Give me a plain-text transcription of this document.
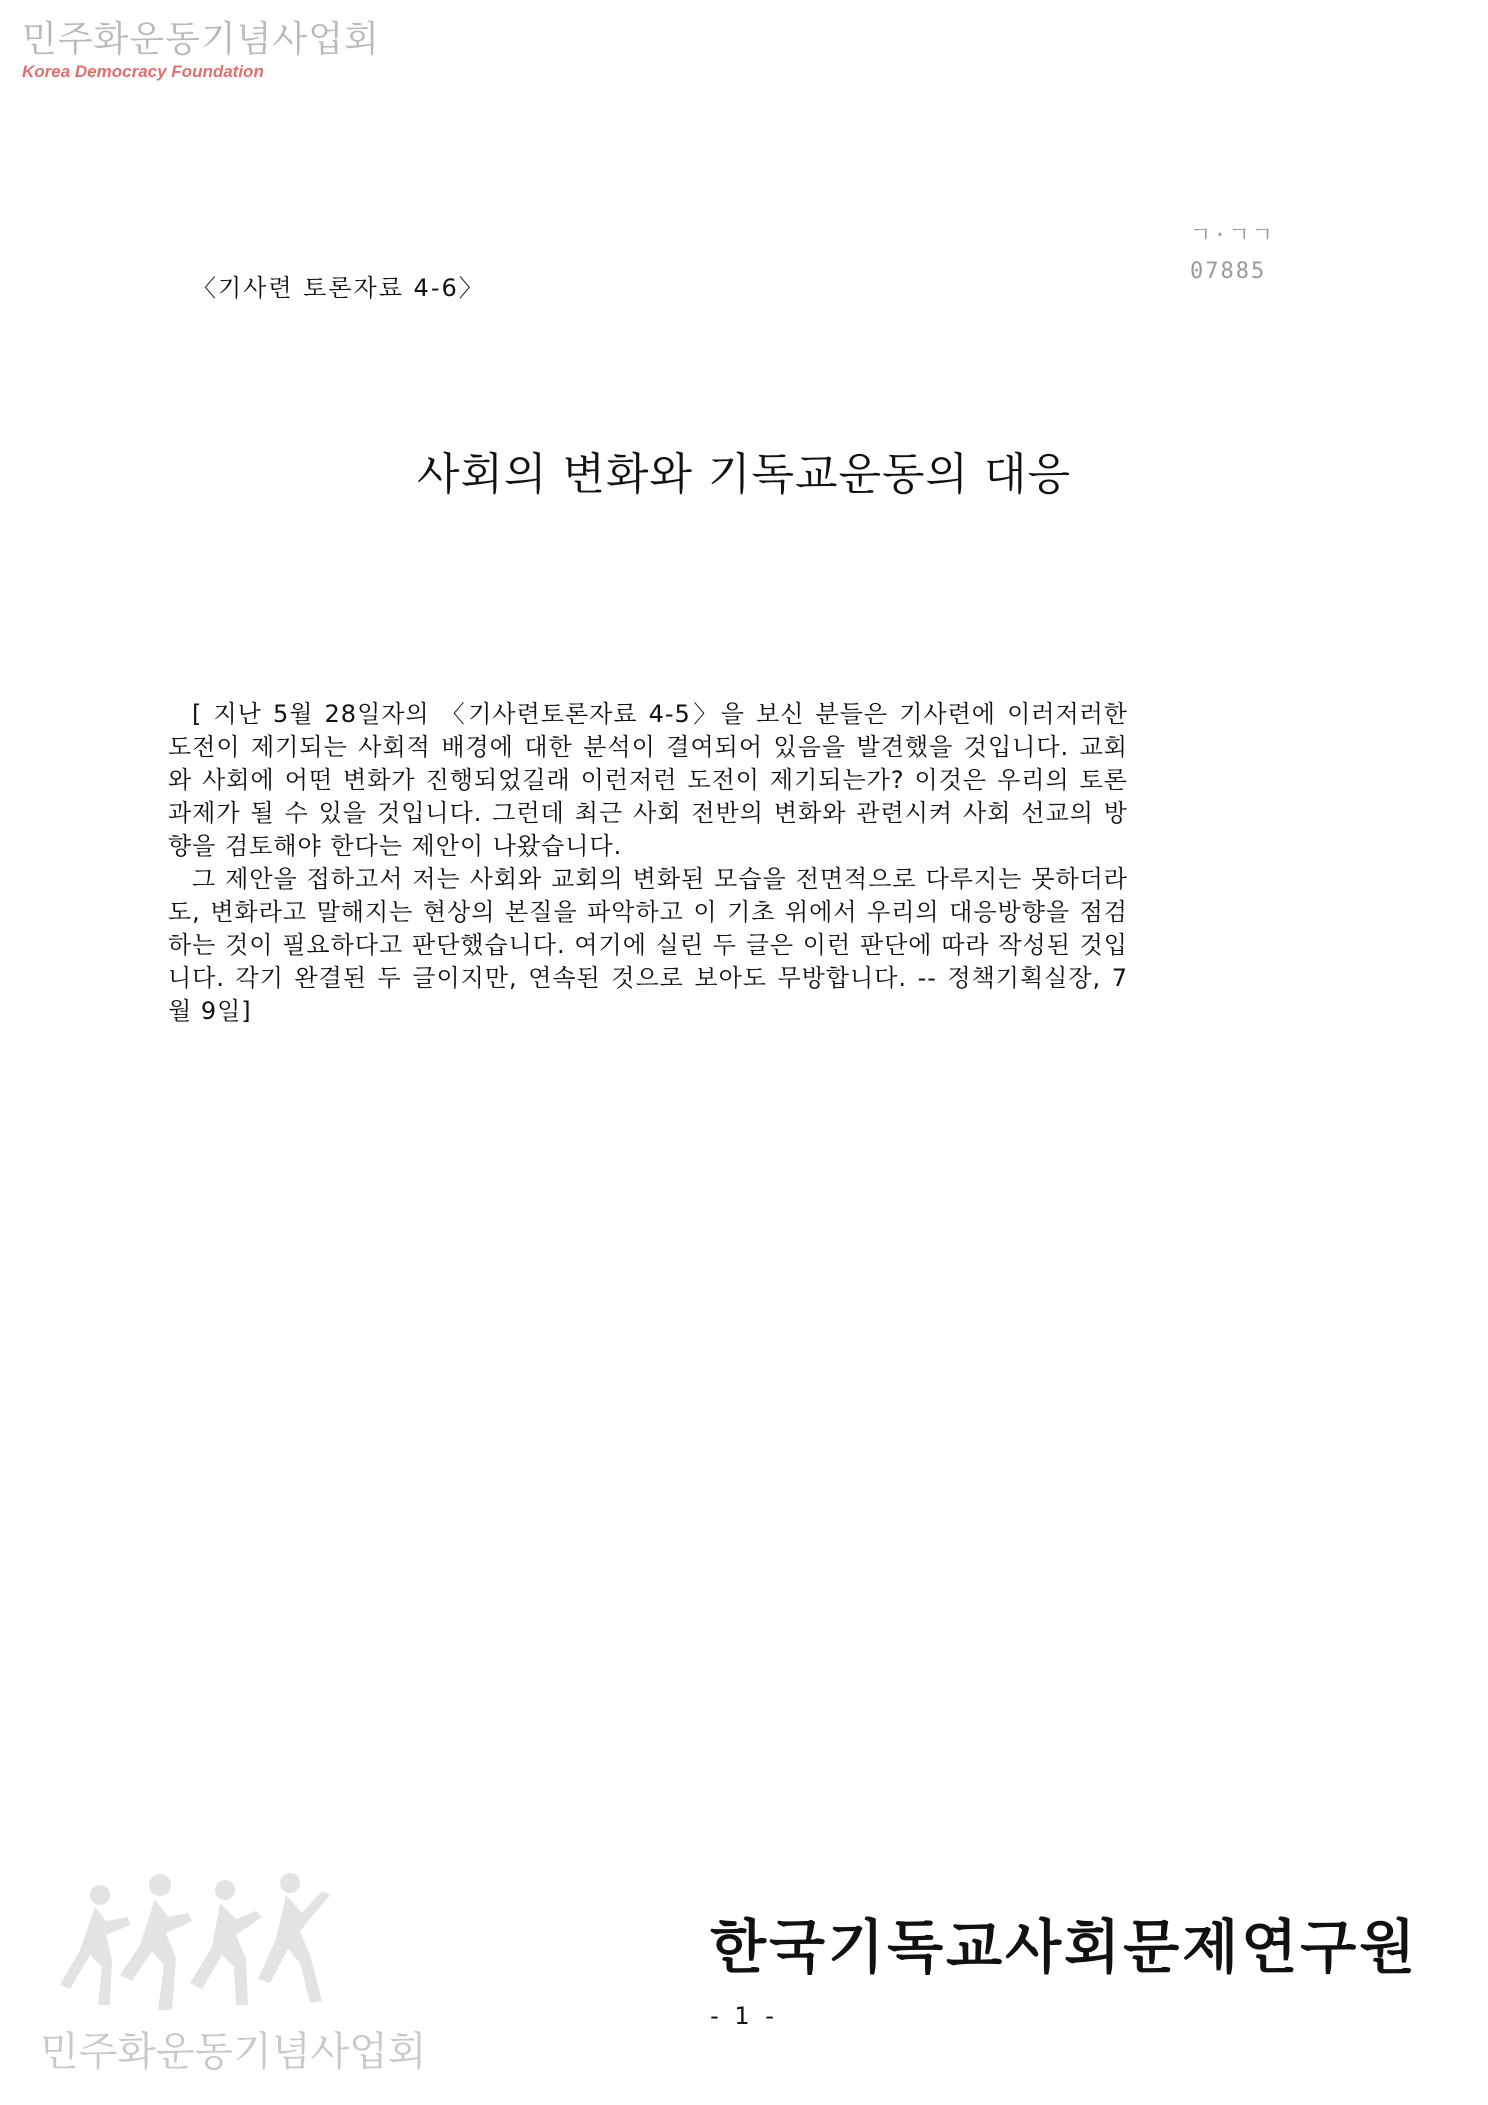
민주화운동기념사업회
Korea Democracy Foundation
ㄱ·ㄱㄱ
07885
〈기사련 토론자료 4-6〉
사회의 변화와 기독교운동의 대응

[ 지난 5월 28일자의 〈기사련토론자료 4-5〉을 보신 분들은 기사련에 이러저러한 도전이 제기되는 사회적 배경에 대한 분석이 결여되어 있음을 발견했을 것입니다. 교회와 사회에 어떤 변화가 진행되었길래 이런저런 도전이 제기되는가? 이것은 우리의 토론과제가 될 수 있을 것입니다. 그런데 최근 사회 전반의 변화와 관련시켜 사회 선교의 방향을 검토해야 한다는 제안이 나왔습니다.

그 제안을 접하고서 저는 사회와 교회의 변화된 모습을 전면적으로 다루지는 못하더라도, 변화라고 말해지는 현상의 본질을 파악하고 이 기초 위에서 우리의 대응방향을 점검하는 것이 필요하다고 판단했습니다. 여기에 실린 두 글은 이런 판단에 따라 작성된 것입니다. 각기 완결된 두 글이지만, 연속된 것으로 보아도 무방합니다. -- 정책기획실장, 7월 9일]

민주화운동기념사업회
- 1 -
한국기독교사회문제연구원
